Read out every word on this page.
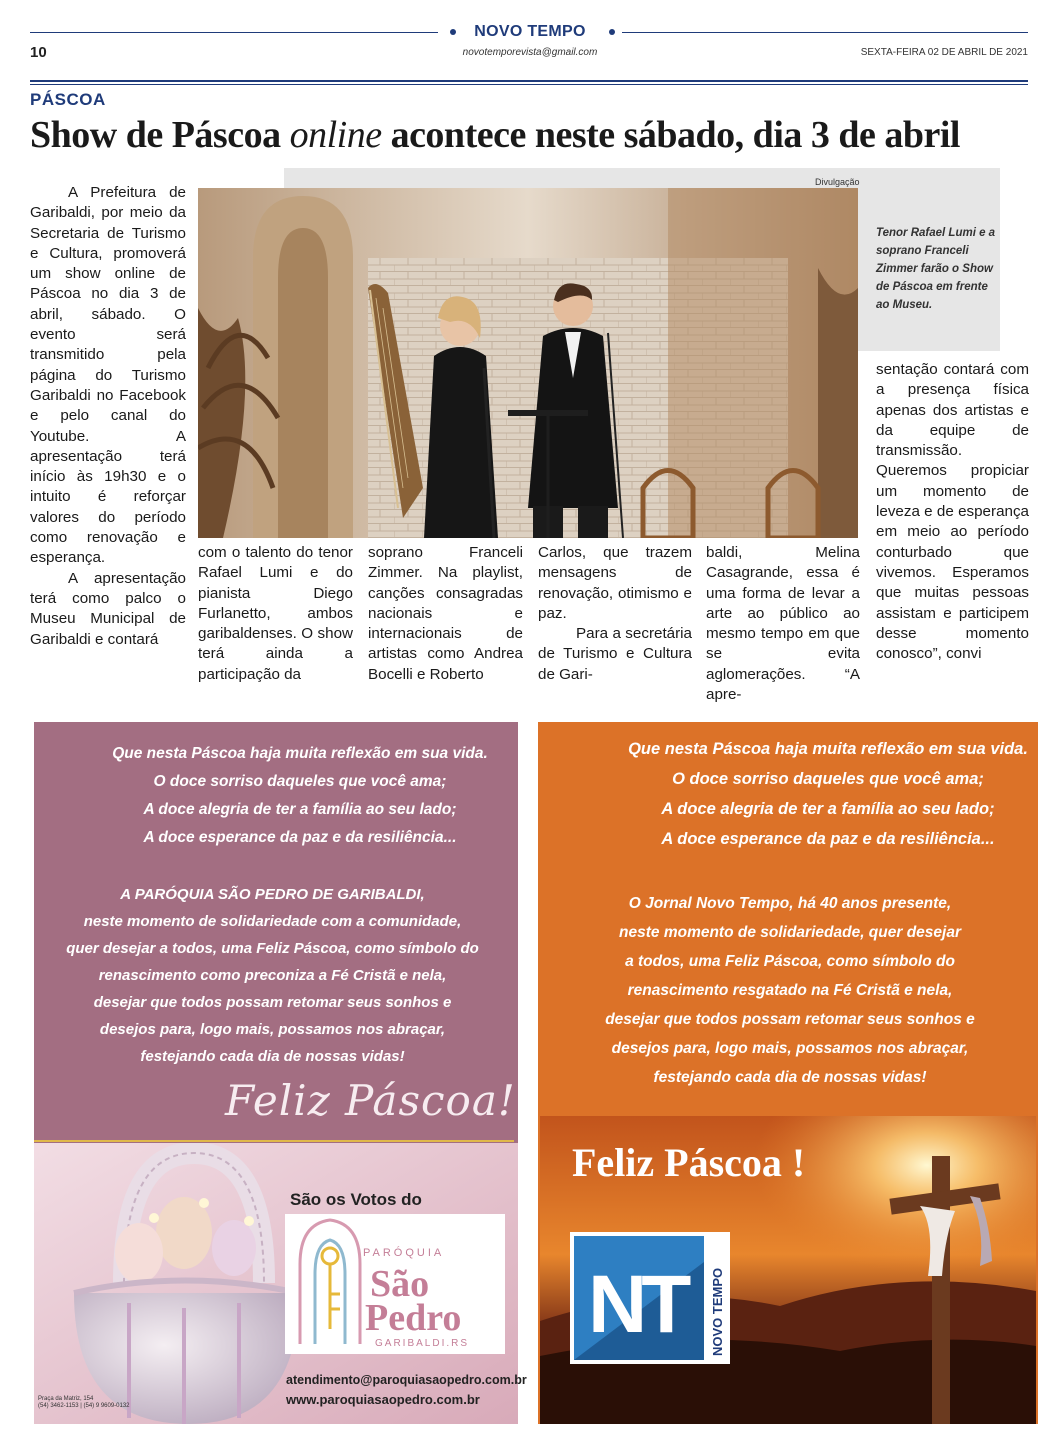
NOVO TEMPO
10	novotemporevista@gmail.com	SEXTA-FEIRA 02 DE ABRIL DE 2021
PÁSCOA
Show de Páscoa online acontece neste sábado, dia 3 de abril

A Prefeitura de Garibaldi, por meio da Secretaria de Turismo e Cultura, promoverá um show online de Páscoa no dia 3 de abril, sábado. O evento será transmitido pela página do Turismo Garibaldi no Facebook e pelo canal do Youtube. A apresentação terá início às 19h30 e o intuito é reforçar valores do período como renovação e esperança.

A apresentação terá como palco o Museu Municipal de Garibaldi e contará

Divulgação
Tenor Rafael Lumi e a soprano Franceli Zimmer farão o Show de Páscoa em frente ao Museu.

com o talento do tenor Rafael Lumi e do pianista Diego Furlanetto, ambos garibaldenses. O show terá ainda a participação da

soprano Franceli Zimmer. Na playlist, canções consagradas nacionais e internacionais de artistas como Andrea Bocelli e Roberto

Carlos, que trazem mensagens de renovação, otimismo e paz.

Para a secretária de Turismo e Cultura de Gari-

baldi, Melina Casagrande, essa é uma forma de levar a arte ao público ao mesmo tempo em que se evita aglomerações. “A apre-

sentação contará com a presença física apenas dos artistas e da equipe de transmissão. Queremos propiciar um momento de leveza e de esperança em meio ao período conturbado que vivemos. Esperamos que muitas pessoas assistam e participem desse momento conosco”, convi

Que nesta Páscoa haja muita reflexão em sua vida.
O doce sorriso daqueles que você ama;
A doce alegria de ter a família ao seu lado;
A doce esperance da paz e da resiliência...
A PARÓQUIA SÃO PEDRO DE GARIBALDI,
neste momento de solidariedade com a comunidade,
quer desejar a todos, uma Feliz Páscoa, como símbolo do
renascimento como preconiza a Fé Cristã e nela,
desejar que todos possam retomar seus sonhos e
desejos para, logo mais, possamos nos abraçar,
festejando cada dia de nossas vidas!
Feliz Páscoa!
São os Votos do
PARÓQUIA
São
Pedro
GARIBALDI.RS
atendimento@paroquiasaopedro.com.br
www.paroquiasaopedro.com.br
Praça da Matriz, 154
(54) 3462-1153 | (54) 9 9609-0132
Que nesta Páscoa haja muita reflexão em sua vida.
O doce sorriso daqueles que você ama;
A doce alegria de ter a família ao seu lado;
A doce esperance da paz e da resiliência...
O Jornal Novo Tempo, há 40 anos presente,
neste momento de solidariedade, quer desejar
a todos, uma Feliz Páscoa, como símbolo do
renascimento resgatado na Fé Cristã e nela,
desejar que todos possam retomar seus sonhos e
desejos para, logo mais, possamos nos abraçar,
festejando cada dia de nossas vidas!
Feliz Páscoa !
NT	NOVO TEMPO
